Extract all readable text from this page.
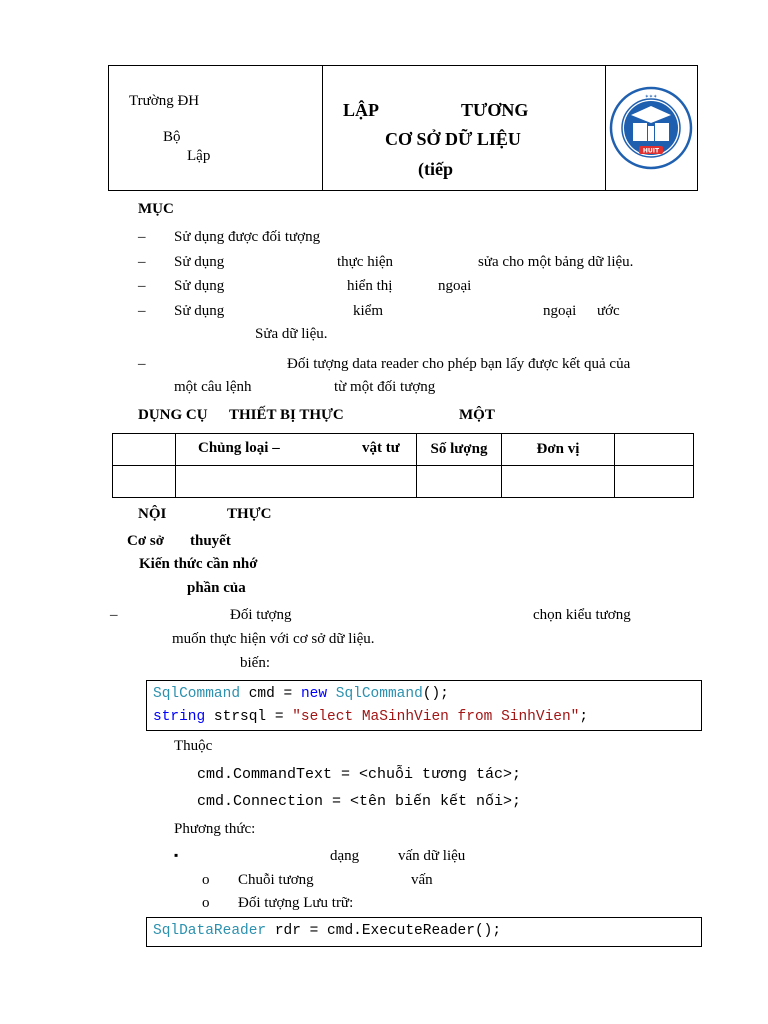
Trường ĐH
Bộ
Lập
LẬP	TƯƠNG
CƠ SỞ DỮ LIỆU
(tiếp
✶✶✶
HUIT
MỤC
– Sử dụng được đối tượng
– Sử dụng	thực hiện	sửa cho một bảng dữ liệu.
– Sử dụng	hiển thị	ngoại
– Sử dụng	kiểm	ngoại ước
Sửa dữ liệu.
–	Đối tượng data reader cho phép bạn lấy được kết quả của
một câu lệnh	từ một đối tượng
DỤNG CỤ THIẾT BỊ THỰC	MỘT

	Chủng loại – vật tư	Số lượng	Đơn vị	

NỘI	THỰC
Cơ sở thuyết
Kiến thức cần nhớ
phần của
–	Đối tượng	chọn kiểu tương
muốn thực hiện với cơ sở dữ liệu.
biến:
SqlCommand cmd = new SqlCommand();
string strsql = "select MaSinhVien from SinhVien";
Thuộc
cmd.CommandText = <chuỗi tương tác>;
cmd.Connection = <tên biến kết nối>;
Phương thức:
▪	dạng	vấn dữ liệu
o Chuỗi tương	vấn
o Đối tượng Lưu trữ:
SqlDataReader rdr = cmd.ExecuteReader();
